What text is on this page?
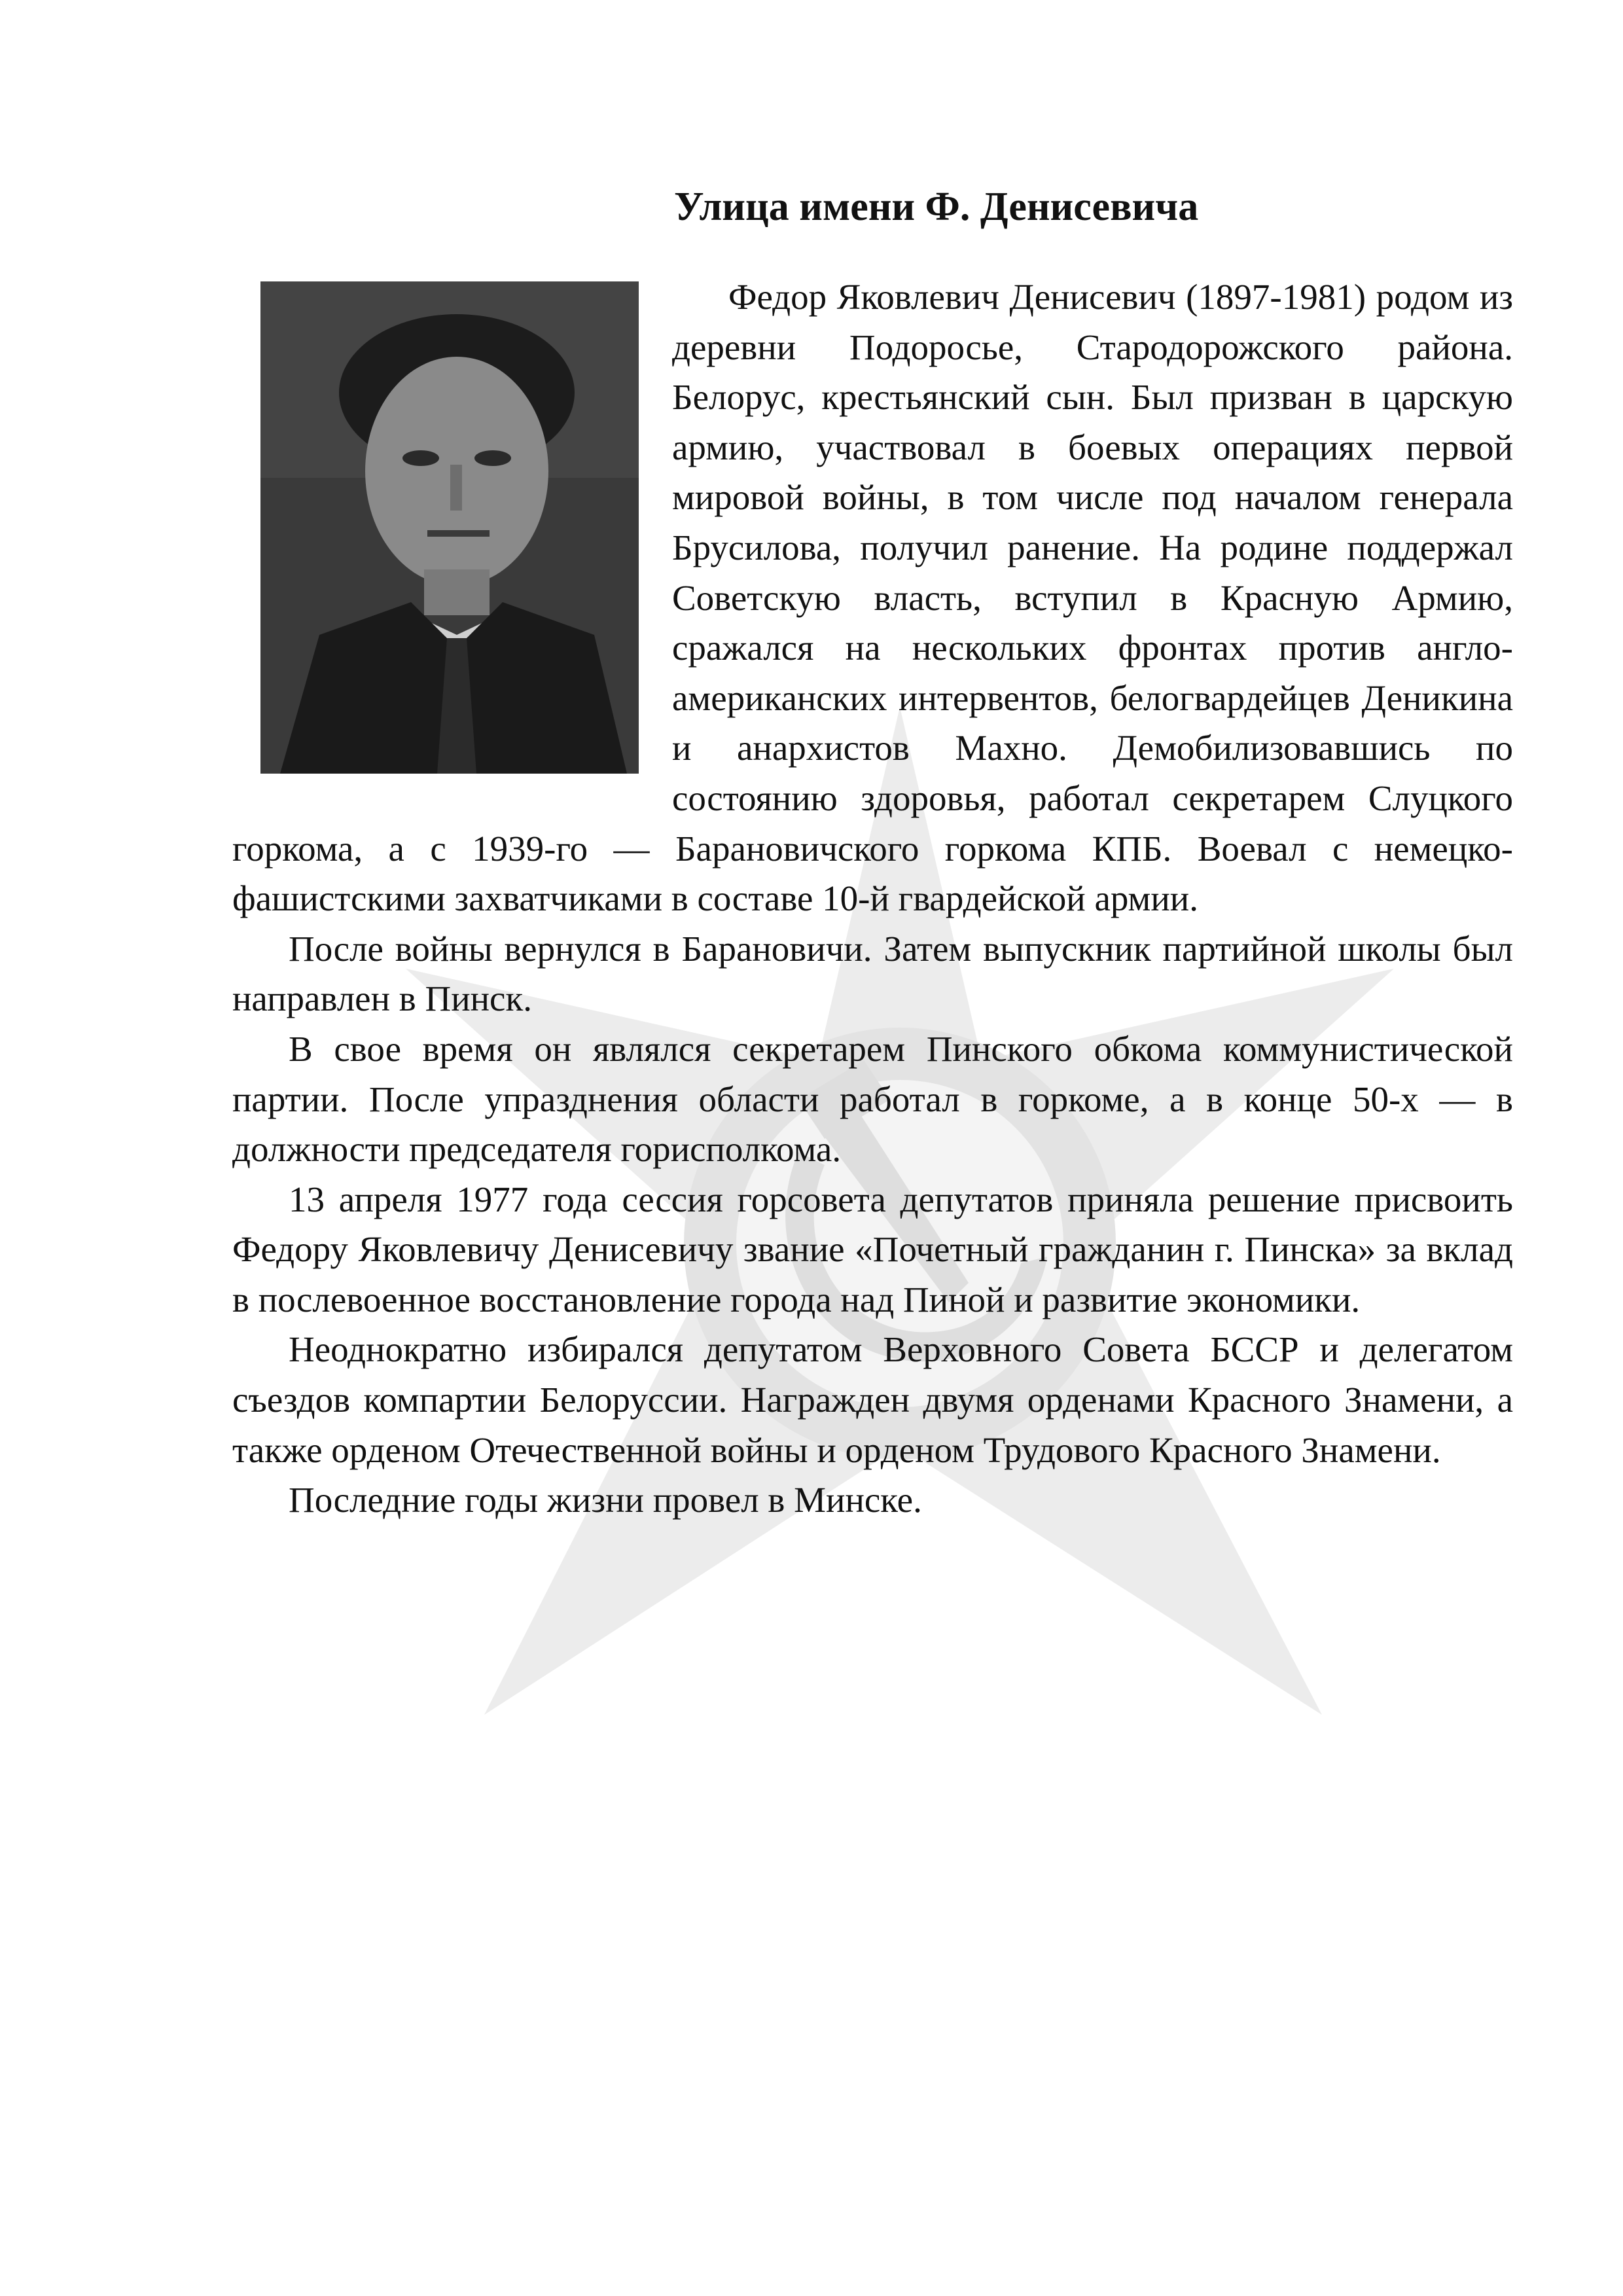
Улица имени Ф. Денисевича

Федор Яковлевич Денисевич (1897-1981) родом из деревни Подоросье, Стародорожского района. Белорус, крестьянский сын. Был призван в царскую армию, участвовал в боевых операциях первой мировой войны, в том числе под началом генерала Брусилова, получил ранение. На родине поддержал Советскую власть, вступил в Красную Армию, сражался на нескольких фронтах против англо- американских интервентов, белогвардейцев Деникина и анархистов Махно. Демобилизовавшись по состоянию здоровья, работал секретарем Слуцкого горкома, а с 1939-го — Барановичского горкома КПБ. Воевал с немецко-фашистскими захватчиками в составе 10-й гвардейской армии.

После войны вернулся в Барановичи. Затем выпускник партийной школы был направлен в Пинск.

В свое время он являлся секретарем Пинского обкома коммунистической партии. После упразднения области работал в горкоме, а в конце 50-х — в должности председателя горисполкома.

13 апреля 1977 года сессия горсовета депутатов приняла решение присвоить Федору Яковлевичу Денисевичу звание «Почетный гражданин г. Пинска» за вклад в послевоенное восстановление города над Пиной и развитие экономики.

Неоднократно избирался депутатом Верховного Совета БССР и делегатом съездов компартии Белоруссии. Награжден двумя орденами Красного Знамени, а также орденом Отечественной войны и орденом Трудового Красного Знамени.

Последние годы жизни провел в Минске.
